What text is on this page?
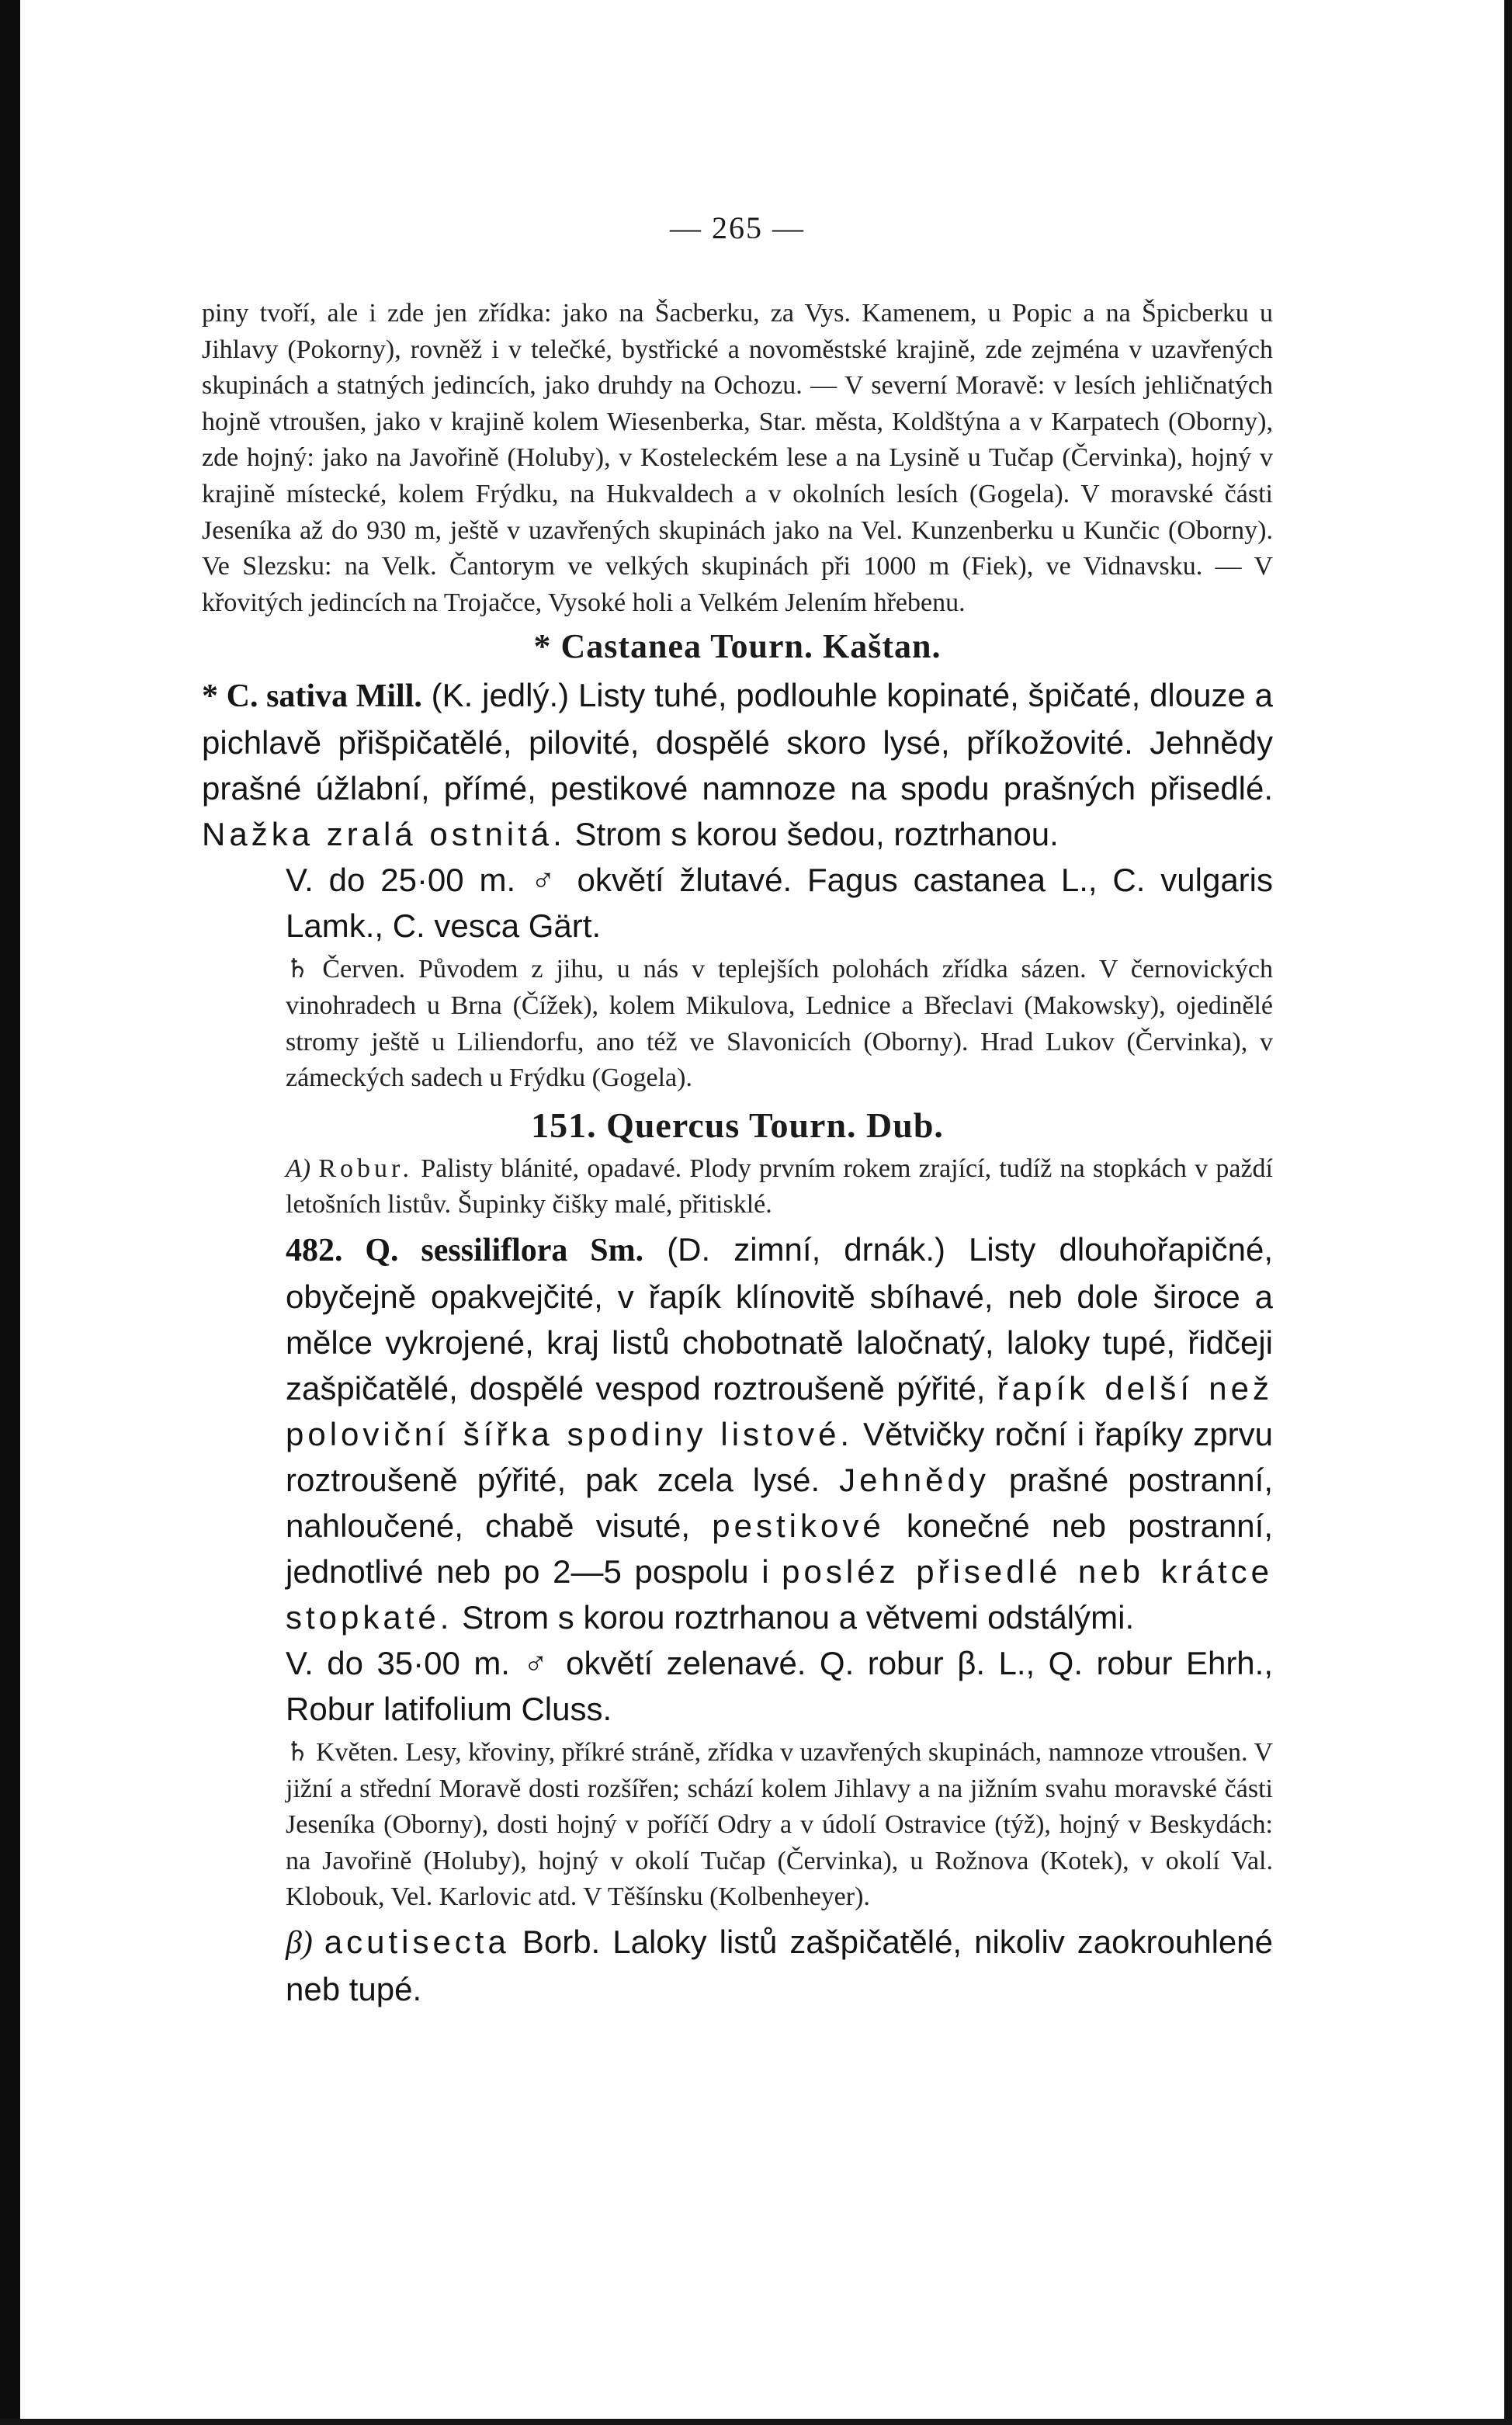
— 265 —

piny tvoří, ale i zde jen zřídka: jako na Šacberku, za Vys. Kamenem, u Popic a na Špicberku u Jihlavy (Pokorny), rovněž i v telečké, bystřické a novoměstské krajině, zde zejména v uzavřených skupinách a statných jedincích, jako druhdy na Ochozu. — V severní Moravě: v lesích jehličnatých hojně vtroušen, jako v krajině kolem Wiesenberka, Star. města, Koldštýna a v Karpatech (Oborny), zde hojný: jako na Javořině (Holuby), v Kosteleckém lese a na Lysině u Tučap (Červinka), hojný v krajině místecké, kolem Frýdku, na Hukvaldech a v okolních lesích (Gogela). V moravské části Jeseníka až do 930 m, ještě v uzavřených skupinách jako na Vel. Kunzenberku u Kunčic (Oborny). Ve Slezsku: na Velk. Čantorym ve velkých skupinách při 1000 m (Fiek), ve Vidnavsku. — V křovitých jedincích na Trojačce, Vysoké holi a Velkém Jelením hřebenu.

* Castanea Tourn. Kaštan.

* C. sativa Mill. (K. jedlý.) Listy tuhé, podlouhle kopinaté, špičaté, dlouze a pichlavě přišpičatělé, pilovité, dospělé skoro lysé, příkožovité. Jehnědy prašné úžlabní, přímé, pestikové namnoze na spodu prašných přisedlé. Nažka zralá ostnitá. Strom s korou šedou, roztrhanou.

V. do 25·00 m. ♂ okvětí žlutavé. Fagus castanea L., C. vulgaris Lamk., C. vesca Gärt.

♄ Červen. Původem z jihu, u nás v teplejších polohách zřídka sázen. V černovických vinohradech u Brna (Čížek), kolem Mikulova, Lednice a Břeclavi (Makowsky), ojedinělé stromy ještě u Liliendorfu, ano též ve Slavonicích (Oborny). Hrad Lukov (Červinka), v zámeckých sadech u Frýdku (Gogela).

151. Quercus Tourn. Dub.

A) Robur. Palisty blánité, opadavé. Plody prvním rokem zrající, tudíž na stopkách v paždí letošních listův. Šupinky čišky malé, přitisklé.

482. Q. sessiliflora Sm. (D. zimní, drnák.) Listy dlouhořapičné, obyčejně opakvejčité, v řapík klínovitě sbíhavé, neb dole široce a mělce vykrojené, kraj listů chobotnatě laločnatý, laloky tupé, řidčeji zašpičatělé, dospělé vespod roztroušeně pýřité, řapík delší než poloviční šířka spodiny listové. Větvičky roční i řapíky zprvu roztroušeně pýřité, pak zcela lysé. Jehnědy prašné postranní, nahloučené, chabě visuté, pestikové konečné neb postranní, jednotlivé neb po 2—5 pospolu i posléz přisedlé neb krátce stopkaté. Strom s korou roztrhanou a větvemi odstálými.

V. do 35·00 m. ♂ okvětí zelenavé. Q. robur β. L., Q. robur Ehrh., Robur latifolium Cluss.

♄ Květen. Lesy, křoviny, příkré stráně, zřídka v uzavřených skupinách, namnoze vtroušen. V jižní a střední Moravě dosti rozšířen; schází kolem Jihlavy a na jižním svahu moravské části Jeseníka (Oborny), dosti hojný v poříčí Odry a v údolí Ostravice (týž), hojný v Beskydách: na Javořině (Holuby), hojný v okolí Tučap (Červinka), u Rožnova (Kotek), v okolí Val. Klobouk, Vel. Karlovic atd. V Těšínsku (Kolbenheyer).

β) acutisecta Borb. Laloky listů zašpičatělé, nikoliv zaokrouhlené neb tupé.
